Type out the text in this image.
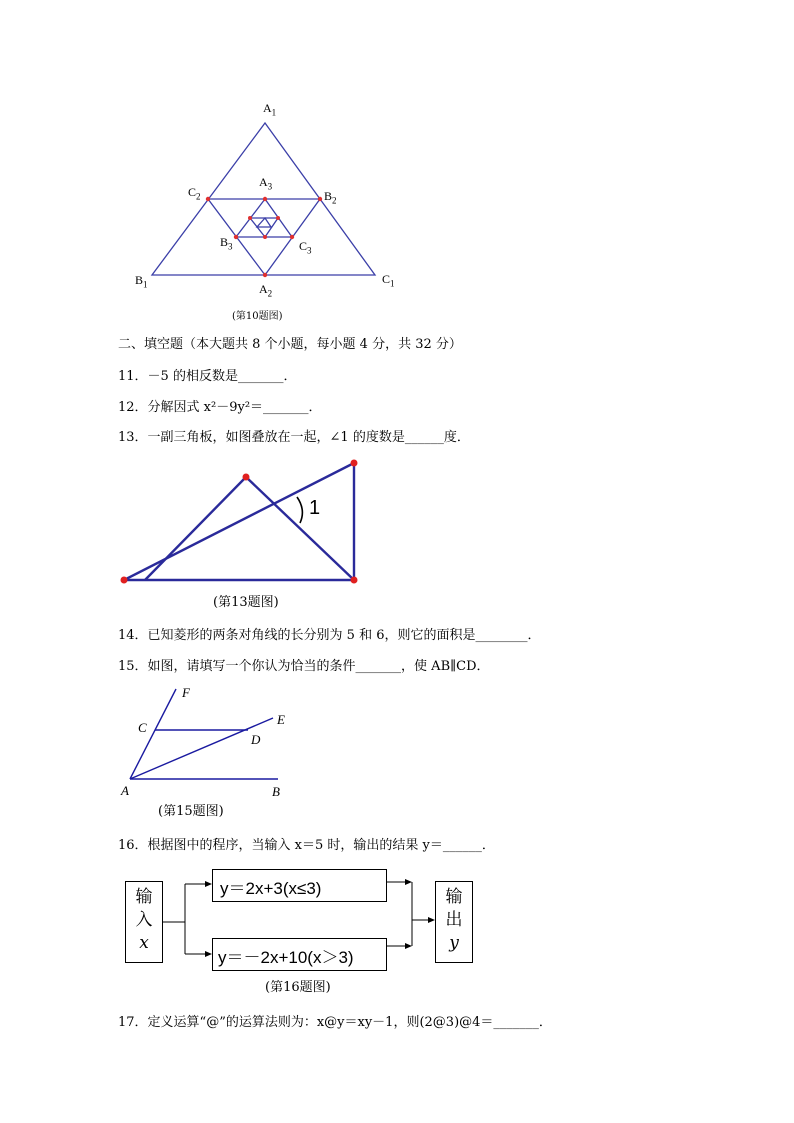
$A_1$
$C_2$
$A_3$
$B_2$
$B_3$	$C_3$
$B_1$	$C_1$
$A_2$
(第10题图)
二、填空题（本大题共 8 个小题，每小题 4 分，共 32 分）
11．－5 的相反数是_______．
12．分解因式 x²－9y²＝_______．
13．一副三角板，如图叠放在一起，∠1 的度数是______度．
1
(第13题图)
14．已知菱形的两条对角线的长分别为 5 和 6，则它的面积是________．
15．如图，请填写一个你认为恰当的条件_______，使 AB∥CD．
F
C
E
D
A	B
(第15题图)
16．根据图中的程序，当输入 x＝5 时，输出的结果 y＝______．
输
入
x
y＝2x+3(x≤3)
y＝－2x+10(x＞3)
输
出
y
(第16题图)
17．定义运算“@”的运算法则为：x@y＝xy－1，则(2@3)@4＝_______．
